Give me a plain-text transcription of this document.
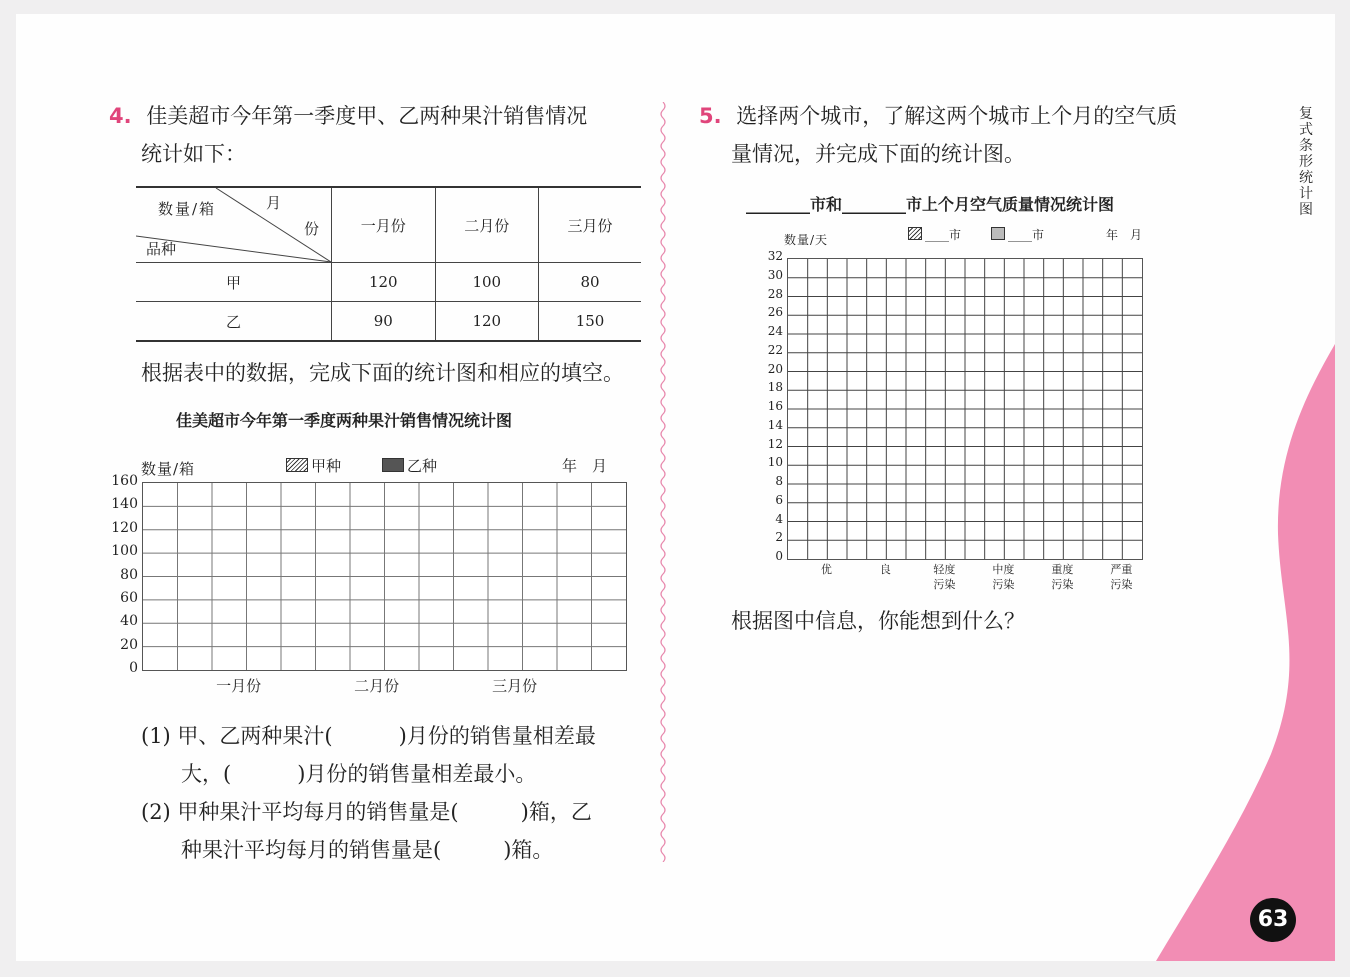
复式条形统计图
4. 佳美超市今年第一季度甲、乙两种果汁销售情况
统计如下：
月
份
数量/箱
品种	一月份	二月份	三月份
甲	120	100	80
乙	90	120	150
根据表中的数据，完成下面的统计图和相应的填空。
佳美超市今年第一季度两种果汁销售情况统计图
数量/箱	甲种	乙种	年　月
0
20
40
60
80
100
120
140
160
一月份	二月份	三月份
(1) 甲、乙两种果汁(	)月份的销售量相差最
大，(	)月份的销售量相差最小。
(2) 甲种果汁平均每月的销售量是(	)箱，乙
种果汁平均每月的销售量是(	)箱。
5. 选择两个城市，了解这两个城市上个月的空气质
量情况，并完成下面的统计图。
________市和________市上个月空气质量情况统计图
数量/天	____市	____市	年　月
0
2
4
6
8
10
12
14
16
18
20
22
24
26
28
30
32
优	良	轻度
污染
中度
污染
重度
污染
严重
污染
根据图中信息，你能想到什么？
63
